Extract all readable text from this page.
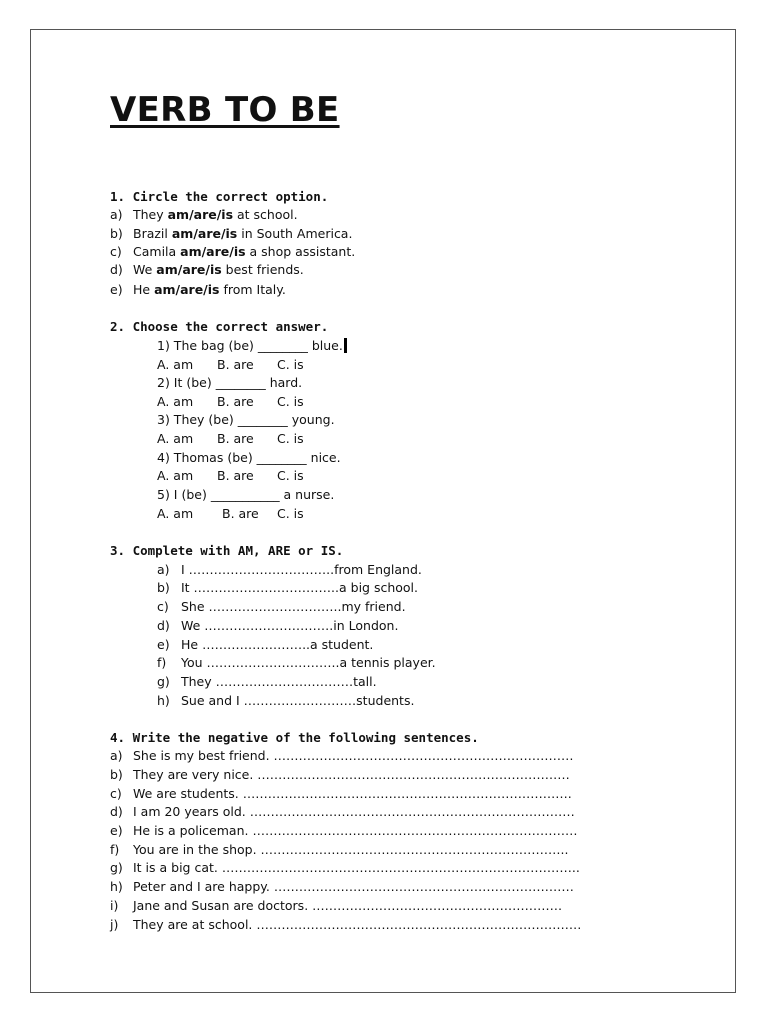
VERB TO BE
1. Circle the correct option.
a) They am/are/is at school.
b) Brazil am/are/is in South America.
c) Camila am/are/is a shop assistant.
d) We am/are/is best friends.
e) He am/are/is from Italy.
2. Choose the correct answer.
1) The bag (be) ________ blue.
A. am B. are C. is
2) It (be) ________ hard.
A. am B. are C. is
3) They (be) ________ young.
A. am B. are C. is
4) Thomas (be) ________ nice.
A. am B. are C. is
5) I (be) ___________ a nurse.
A. am B. are C. is
3. Complete with AM, ARE or IS.
a) I ……………………………..from England.
b) It ……………………………..a big school.
c) She …………………………..my friend.
d) We ………………………….in London.
e) He ……………………..a student.
f) You …………………………..a tennis player.
g) They ……………………………tall.
h) Sue and I ………………………students.
4. Write the negative of the following sentences.
a) She is my best friend. ………………………………………………………………
b) They are very nice. …………………………………………………………………
c) We are students. …………………………………………………………………….
d) I am 20 years old. ……………………………………………………………………
e) He is a policeman. ……………………………………………………………………
f) You are in the shop. ………………………………………………………………..
g) It is a big cat. …………………………………………………………………………..
h) Peter and I are happy. ………………………………………………………………
i) Jane and Susan are doctors. ……………………………………………………
j) They are at school. ……………………………………………………………………
